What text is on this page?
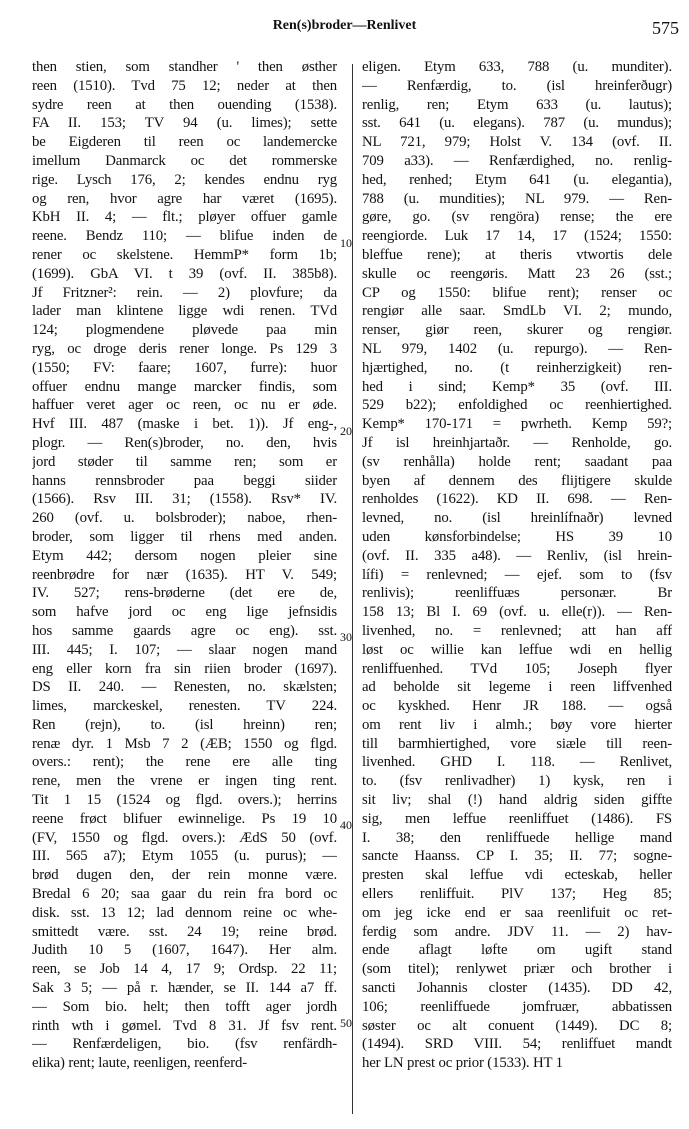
Ren(s)broder—Renlivet	575
then stien, som standher ' then østher
reen (1510). Tvd 75 12; neder at then
sydre reen at then ouending (1538).
FA II. 153; TV 94 (u. limes); sette
be Eigderen til reen oc landemercke
imellum Danmarck oc det rommerske
rige. Lysch 176, 2; kendes endnu ryg
og ren, hvor agre har været (1695).
KbH II. 4; — flt.; pløyer offuer gamle
reene. Bendz 110; — blifue inden de
rener oc skelstene. HemmP* form 1b;
(1699). GbA VI. t 39 (ovf. II. 385b8).
Jf Fritzner²: rein. — 2) plovfure; da
lader man klintene ligge wdi renen. TVd
124; plogmendene pløvede paa min
ryg, oc droge deris rener longe. Ps 129 3
(1550; FV: faare; 1607, furre): huor
offuer endnu mange marcker findis, som
haffuer veret ager oc reen, oc nu er øde.
Hvf III. 487 (maske i bet. 1)). Jf eng-,
plogr. — Ren(s)broder, no. den, hvis
jord støder til samme ren; som er
hanns rennsbroder paa beggi siider
(1566). Rsv III. 31; (1558). Rsv* IV.
260 (ovf. u. bolsbroder); naboe, rhen-
broder, som ligger til rhens med anden.
Etym 442; dersom nogen pleier sine
reenbrødre for nær (1635). HT V. 549;
IV. 527; rens-brøderne (det ere de,
som hafve jord oc eng lige jefnsidis
hos samme gaards agre oc eng). sst.
III. 445; I. 107; — slaar nogen mand
eng eller korn fra sin riien broder (1697).
DS II. 240. — Renesten, no. skælsten;
limes, marckeskel, renesten. TV 224.
Ren (rejn), to. (isl hreinn) ren;
renæ dyr. 1 Msb 7 2 (ÆB; 1550 og flgd.
overs.: rent); the rene ere alle ting
rene, men the vrene er ingen ting rent.
Tit 1 15 (1524 og flgd. overs.); herrins
reene frøct blifuer ewinnelige. Ps 19 10
(FV, 1550 og flgd. overs.): ÆdS 50 (ovf.
III. 565 a7); Etym 1055 (u. purus); —
brød dugen den, der rein monne være.
Bredal 6 20; saa gaar du rein fra bord oc
disk. sst. 13 12; lad dennom reine oc whe-
smittedt være. sst. 24 19; reine brød.
Judith 10 5 (1607, 1647). Her alm.
reen, se Job 14 4, 17 9; Ordsp. 22 11;
Sak 3 5; — på r. hænder, se II. 144 a7 ff.
— Som bio. helt; then tofft ager jordh
rinth wth i gømel. Tvd 8 31. Jf fsv rent.
— Renfærdeligen, bio. (fsv renfärdh-
elika) rent; laute, reenligen, reenferd-
eligen. Etym 633, 788 (u. munditer).
— Renfærdig, to. (isl hreinferðugr)
renlig, ren; Etym 633 (u. lautus);
sst. 641 (u. elegans). 787 (u. mundus);
NL 721, 979; Holst V. 134 (ovf. II.
709 a33). — Renfærdighed, no. renlig-
hed, renhed; Etym 641 (u. elegantia),
788 (u. mundities); NL 979. — Ren-
gøre, go. (sv rengöra) rense; the ere
reengiorde. Luk 17 14, 17 (1524; 1550:
bleffue rene); at theris vtwortis dele
skulle oc reengøris. Matt 23 26 (sst.;
CP og 1550: blifue rent); renser oc
rengiør alle saar. SmdLb VI. 2; mundo,
renser, giør reen, skurer og rengiør.
NL 979, 1402 (u. repurgo). — Ren-
hjærtighed, no. (t reinherzigkeit) ren-
hed i sind; Kemp* 35 (ovf. III.
529 b22); enfoldighed oc reenhiertighed.
Kemp* 170-171 = pwrheth. Kemp 59?;
Jf isl hreinhjartaðr. — Renholde, go.
(sv renhålla) holde rent; saadant paa
byen af dennem des flijtigere skulde
renholdes (1622). KD II. 698. — Ren-
levned, no. (isl hreinlífnaðr) levned
uden kønsforbindelse; HS 39 10
(ovf. II. 335 a48). — Renliv, (isl hrein-
lífi) = renlevned; — ejef. som to (fsv
renlivis); reenliffuæs personær. Br
158 13; Bl I. 69 (ovf. u. elle(r)). — Ren-
livenhed, no. = renlevned; att han aff
løst oc willie kan leffue wdi en hellig
renliffuenhed. TVd 105; Joseph flyer
ad beholde sit legeme i reen liffvenhed
oc kyskhed. Henr JR 188. — også
om rent liv i almh.; bøy vore hierter
till barmhiertighed, vore siæle till reen-
livenhed. GHD I. 118. — Renlivet,
to. (fsv renlivadher) 1) kysk, ren i
sit liv; shal (!) hand aldrig siden giffte
sig, men leffue reenliffuet (1486). FS
I. 38; den renliffuede hellige mand
sancte Haanss. CP I. 35; II. 77; sogne-
presten skal leffue vdi ecteskab, heller
ellers renliffuit. PlV 137; Heg 85;
om jeg icke end er saa reenlifuit oc ret-
ferdig som andre. JDV 11. — 2) hav-
ende aflagt løfte om ugift stand
(som titel); renlywet priær och brother i
sancti Johannis closter (1435). DD 42,
106; reenliffuede jomfruær, abbatissen
søster oc alt conuent (1449). DC 8;
(1494). SRD VIII. 54; renliffuet mandt
her LN prest oc prior (1533). HT 1
10
20
30
40
50
